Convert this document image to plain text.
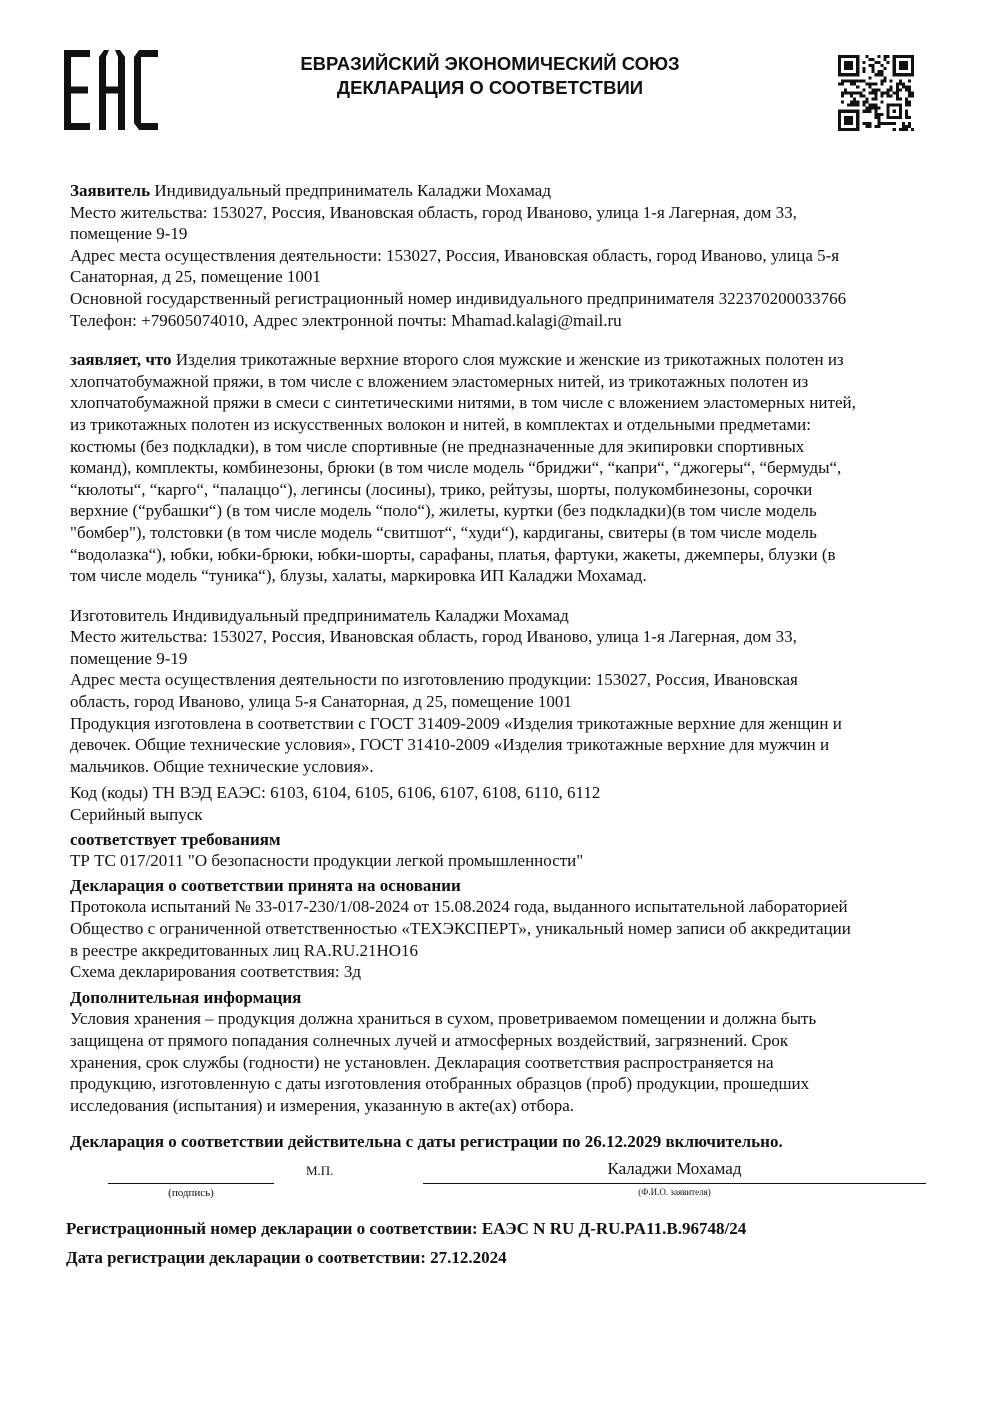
ЕВРАЗИЙСКИЙ ЭКОНОМИЧЕСКИЙ СОЮЗ
ДЕКЛАРАЦИЯ О СООТВЕТСТВИИ
Заявитель Индивидуальный предприниматель Каладжи Мохамад
Место жительства: 153027, Россия, Ивановская область, город Иваново, улица 1-я Лагерная, дом 33,
помещение 9-19
Адрес места осуществления деятельности: 153027, Россия, Ивановская область, город Иваново, улица 5-я
Санаторная, д 25, помещение 1001
Основной государственный регистрационный номер индивидуального предпринимателя 322370200033766
Телефон: +79605074010, Адрес электронной почты: Mhamad.kalagi@mail.ru
заявляет, что Изделия трикотажные верхние второго слоя мужские и женские из трикотажных полотен из
хлопчатобумажной пряжи, в том числе с вложением эластомерных нитей, из трикотажных полотен из
хлопчатобумажной пряжи в смеси с синтетическими нитями, в том числе с вложением эластомерных нитей,
из трикотажных полотен из искусственных волокон и нитей, в комплектах и отдельными предметами:
костюмы (без подкладки), в том числе спортивные (не предназначенные для экипировки спортивных
команд), комплекты, комбинезоны, брюки (в том числе модель “бриджи“, “капри“, “джогеры“, “бермуды“,
“кюлоты“, “карго“, “палаццо“), легинсы (лосины), трико, рейтузы, шорты, полукомбинезоны, сорочки
верхние (“рубашки“) (в том числе модель “поло“), жилеты, куртки (без подкладки)(в том числе модель
"бомбер"), толстовки (в том числе модель “свитшот“, “худи“), кардиганы, свитеры (в том числе модель
“водолазка“), юбки, юбки-брюки, юбки-шорты, сарафаны, платья, фартуки, жакеты, джемперы, блузки (в
том числе модель “туника“), блузы, халаты, маркировка ИП Каладжи Мохамад.
Изготовитель Индивидуальный предприниматель Каладжи Мохамад
Место жительства: 153027, Россия, Ивановская область, город Иваново, улица 1-я Лагерная, дом 33,
помещение 9-19
Адрес места осуществления деятельности по изготовлению продукции: 153027, Россия, Ивановская
область, город Иваново, улица 5-я Санаторная, д 25, помещение 1001
Продукция изготовлена в соответствии с ГОСТ 31409-2009 «Изделия трикотажные верхние для женщин и
девочек. Общие технические условия», ГОСТ 31410-2009 «Изделия трикотажные верхние для мужчин и
мальчиков. Общие технические условия».
Код (коды) ТН ВЭД ЕАЭС: 6103, 6104, 6105, 6106, 6107, 6108, 6110, 6112
Серийный выпуск
соответствует требованиям
ТР ТС 017/2011 "О безопасности продукции легкой промышленности"
Декларация о соответствии принята на основании
Протокола испытаний № 33-017-230/1/08-2024 от 15.08.2024 года, выданного испытательной лабораторией
Общество с ограниченной ответственностью «ТЕХЭКСПЕРТ», уникальный номер записи об аккредитации
в реестре аккредитованных лиц RA.RU.21НО16
Схема декларирования соответствия: 3д
Дополнительная информация
Условия хранения – продукция должна храниться в сухом, проветриваемом помещении и должна быть
защищена от прямого попадания солнечных лучей и атмосферных воздействий, загрязнений. Срок
хранения, срок службы (годности) не установлен. Декларация соответствия распространяется на
продукцию, изготовленную с даты изготовления отобранных образцов (проб) продукции, прошедших
исследования (испытания) и измерения, указанную в акте(ах) отбора.
Декларация о соответствии действительна с даты регистрации по 26.12.2029 включительно.
М.П.	Каладжи Мохамад
(подпись)	(Ф.И.О. заявителя)
Регистрационный номер декларации о соответствии: ЕАЭС N RU Д-RU.PA11.B.96748/24
Дата регистрации декларации о соответствии: 27.12.2024
